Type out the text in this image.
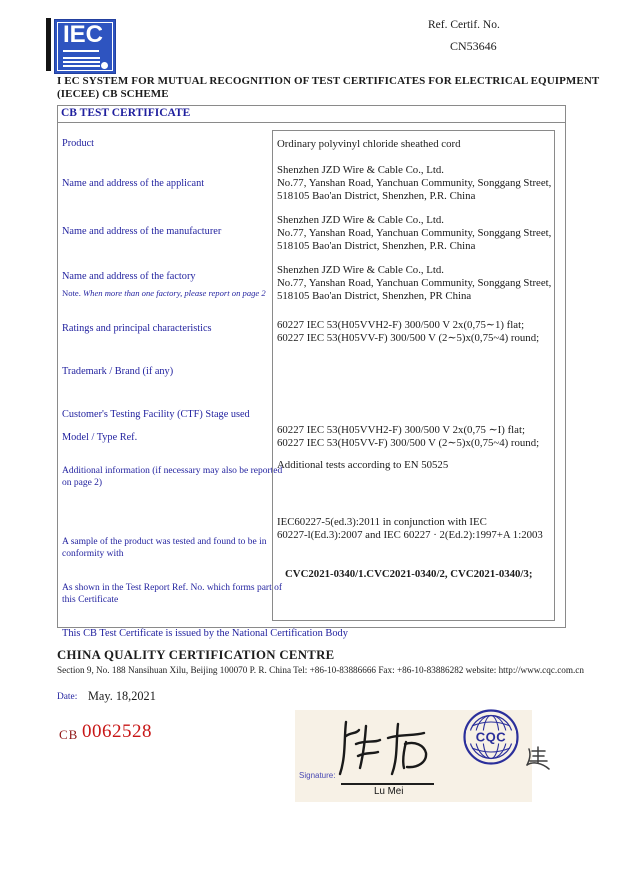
IEC	Ref. Certif. No.
CN53646
I EC SYSTEM FOR MUTUAL RECOGNITION OF TEST CERTIFICATES FOR ELECTRICAL EQUIPMENT
(IECEE) CB SCHEME
CB TEST CERTIFICATE
Product
Name and address of the applicant
Name and address of the manufacturer
Name and address of the factory
Note. When more than one factory, please report on page 2
Ratings and principal characteristics
Trademark / Brand (if any)
Customer's Testing Facility (CTF) Stage used
Model / Type Ref.
Additional information (if necessary may also be reported
on page 2)
A sample of the product was tested and found to be in
conformity with
As shown in the Test Report Ref. No. which forms part of
this Certificate
Ordinary polyvinyl chloride sheathed cord
Shenzhen JZD Wire & Cable Co., Ltd.
No.77, Yanshan Road, Yanchuan Community, Songgang Street,
518105 Bao'an District, Shenzhen, P.R. China
Shenzhen JZD Wire & Cable Co., Ltd.
No.77, Yanshan Road, Yanchuan Community, Songgang Street,
518105 Bao'an District, Shenzhen, P.R. China
Shenzhen JZD Wire & Cable Co., Ltd.
No.77, Yanshan Road, Yanchuan Community, Songgang Street,
518105 Bao'an District, Shenzhen, PR China
60227 IEC 53(H05VVH2-F) 300/500 V 2x(0,75∼1) flat;
60227 IEC 53(H05VV-F) 300/500 V (2∼5)x(0,75~4) round;
60227 IEC 53(H05VVH2-F) 300/500 V 2x(0,75 ∼I) flat;
60227 IEC 53(H05VV-F) 300/500 V (2∼5)x(0,75~4) round;
Additional tests according to EN 50525
IEC60227-5(ed.3):2011 in conjunction with IEC
60227-l(Ed.3):2007 and IEC 60227 · 2(Ed.2):1997+A 1:2003
CVC2021-0340/1.CVC2021-0340/2, CVC2021-0340/3;
This CB Test Certificate is issued by the National Certification Body
CHINA QUALITY CERTIFICATION CENTRE
Section 9, No. 188 Nansihuan Xilu, Beijing 100070 P. R. China Tel: +86-10-83886666 Fax: +86-10-83886282 website: http://www.cqc.com.cn
Date: May. 18,2021
CB 0062528	CQC
Signature:
Lu Mei
